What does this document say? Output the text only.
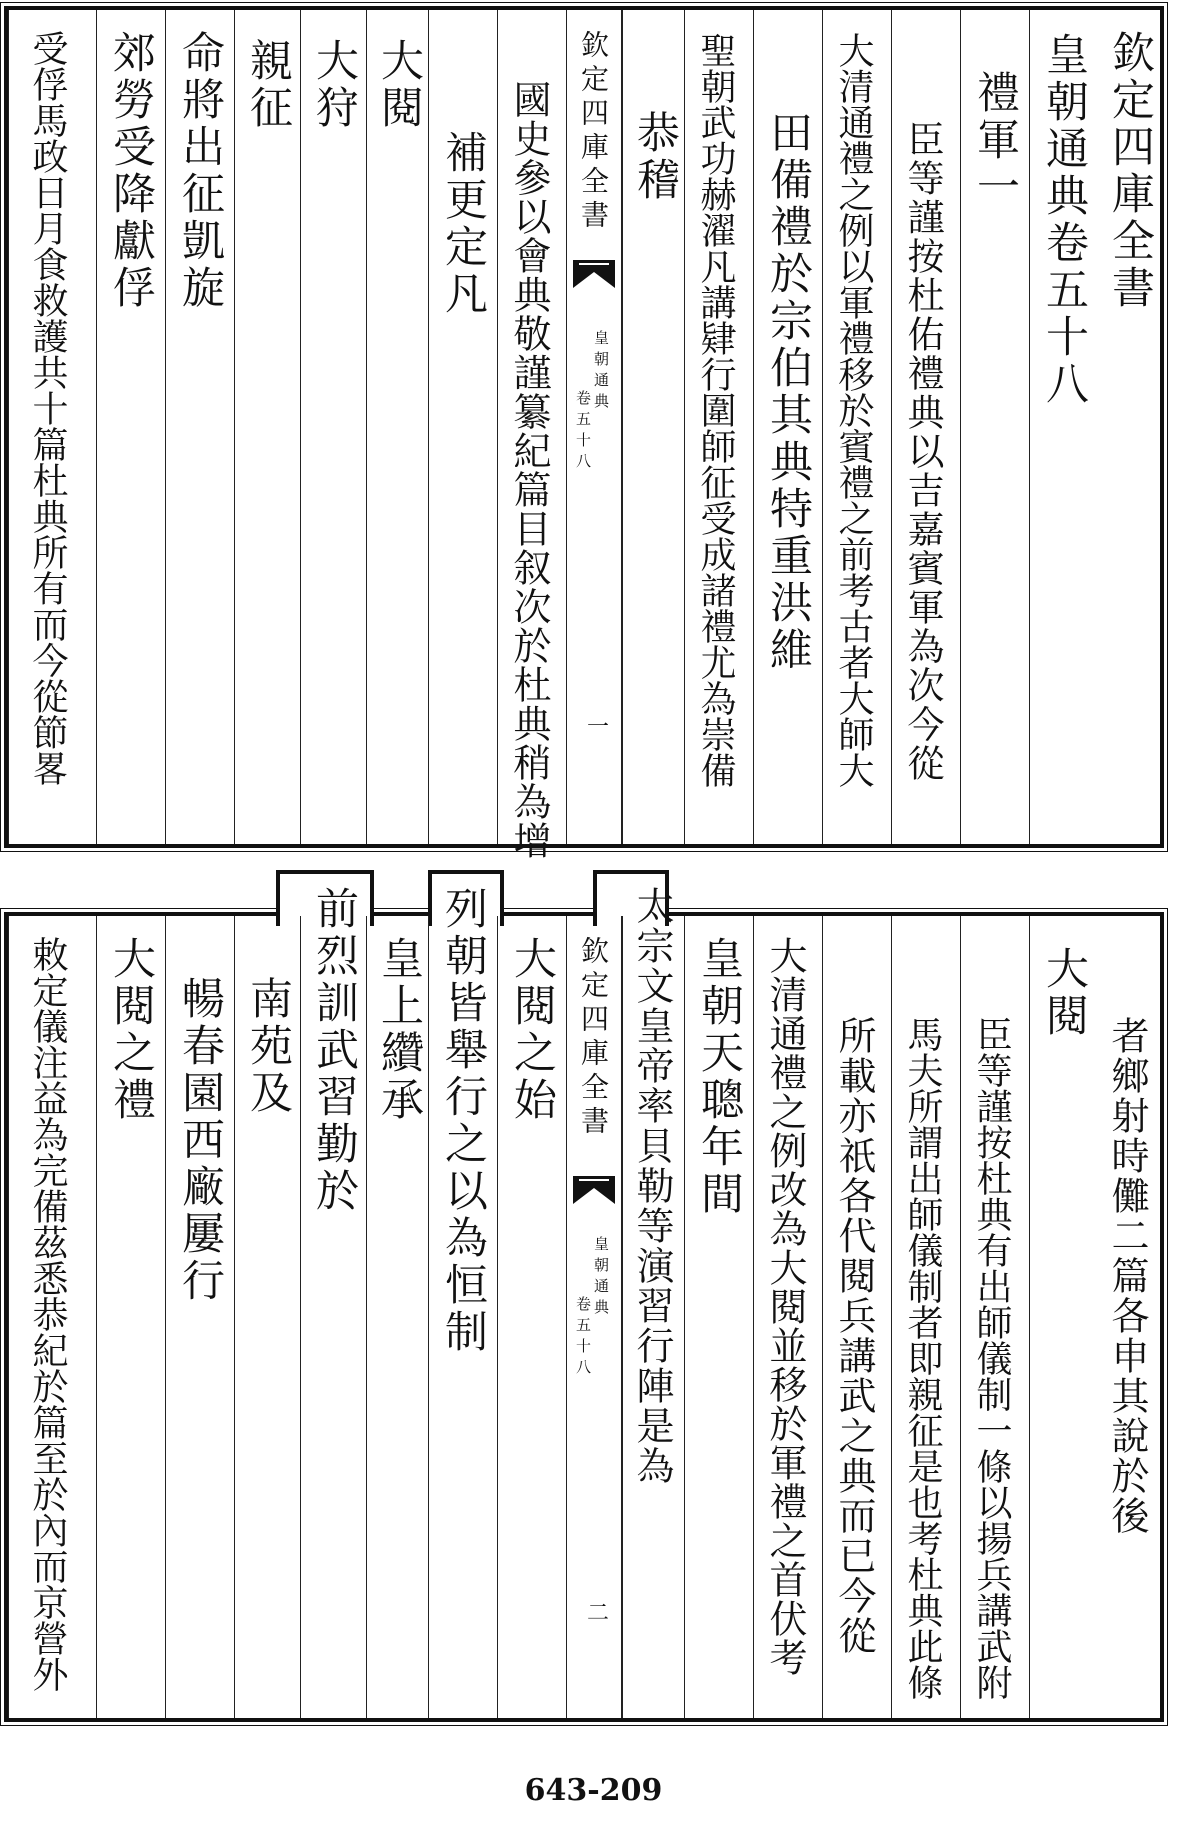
欽定四庫全書
皇朝通典卷五十八
禮軍一
臣等謹按杜佑禮典以吉嘉賓軍為次今從
大清通禮之例以軍禮移於賓禮之前考古者大師大
田備禮於宗伯其典特重洪維
聖朝武功赫濯凡講肄行圍師征受成諸禮尤為崇備
恭稽
欽定四庫全書
皇朝通典
卷五十八
一
國史參以會典敬謹纂紀篇目叙次於杜典稍為增
補更定凡
大閱
大狩
親征
命將出征凱旋
郊勞受降獻俘
受俘馬政日月食救護共十篇杜典所有而今從節畧
者鄉射時儺二篇各申其說於後
大閱
臣等謹按杜典有出師儀制一條以揚兵講武附
馬夫所謂出師儀制者即親征是也考杜典此條
所載亦祇各代閱兵講武之典而已今從
大清通禮之例改為大閱並移於軍禮之首伏考
皇朝天聰年間
太宗文皇帝率貝勒等演習行陣是為
欽定四庫全書
皇朝通典
卷五十八
二
大閱之始
列朝皆舉行之以為恒制
皇上纘承
前烈訓武習勤於
南苑及
暢春園西廠屢行
大閱之禮
敕定儀注益為完備茲悉恭紀於篇至於內而京營外
643-209
